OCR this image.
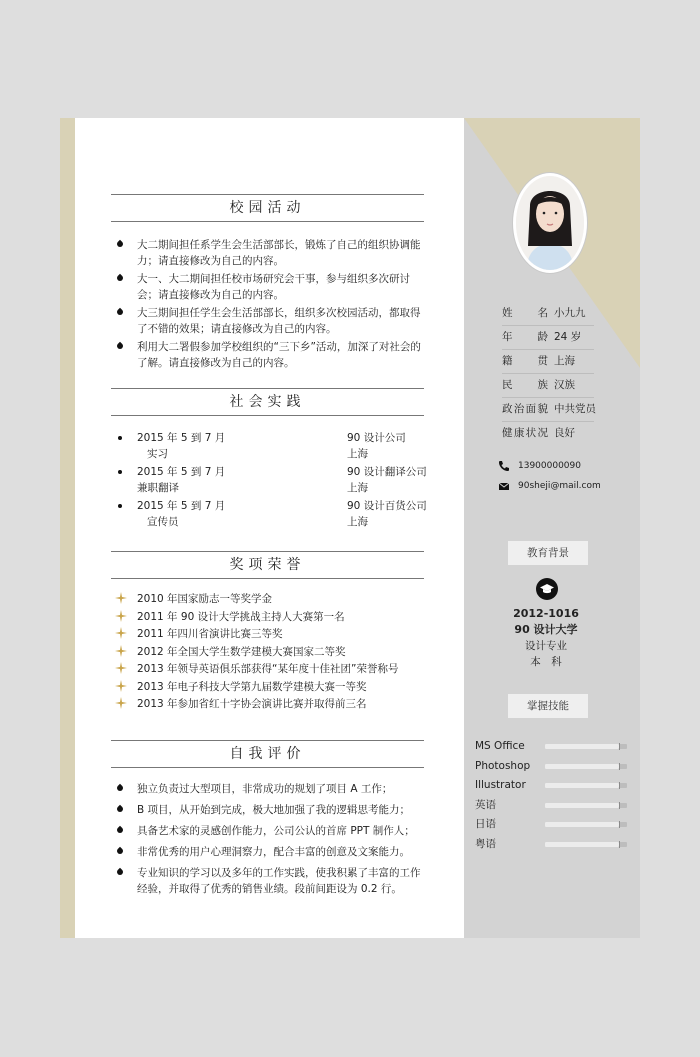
校园活动
大二期间担任系学生会生活部部长，锻炼了自己的组织协调能力；请直接修改为自己的内容。
大一、大二期间担任校市场研究会干事，参与组织多次研讨会；请直接修改为自己的内容。
大三期间担任学生会生活部部长，组织多次校园活动，都取得了不错的效果；请直接修改为自己的内容。
利用大二署假参加学校组织的“三下乡”活动，加深了对社会的了解。请直接修改为自己的内容。
社会实践
2015 年 5 到 7 月
实习
90 设计公司
上海
2015 年 5 到 7 月
兼职翻译
90 设计翻译公司
上海
2015 年 5 到 7 月
宣传员
90 设计百货公司
上海
奖项荣誉
2010 年国家励志一等奖学金
2011 年 90 设计大学挑战主持人大赛第一名
2011 年四川省演讲比赛三等奖
2012 年全国大学生数学建模大赛国家二等奖
2013 年领导英语俱乐部获得“某年度十佳社团”荣誉称号
2013 年电子科技大学第九届数学建模大赛一等奖
2013 年参加省红十字协会演讲比赛并取得前三名
自我评价
独立负责过大型项目，非常成功的规划了项目 A 工作；
B 项目，从开始到完成，极大地加强了我的逻辑思考能力；
具备艺术家的灵感创作能力，公司公认的首席 PPT 制作人；
非常优秀的用户心理洞察力，配合丰富的创意及文案能力。
专业知识的学习以及多年的工作实践，使我积累了丰富的工作经验，并取得了优秀的销售业绩。段前间距设为 0.2 行。
姓名 小九九
年龄 24 岁
籍贯 上海
民族 汉族
政治面貌 中共党员
健康状况 良好
13900000090
90sheji@mail.com
教育背景
2012-1016
90 设计大学
设计专业
本　科
掌握技能
MS Office
Photoshop
Illustrator
英语
日语
粤语
